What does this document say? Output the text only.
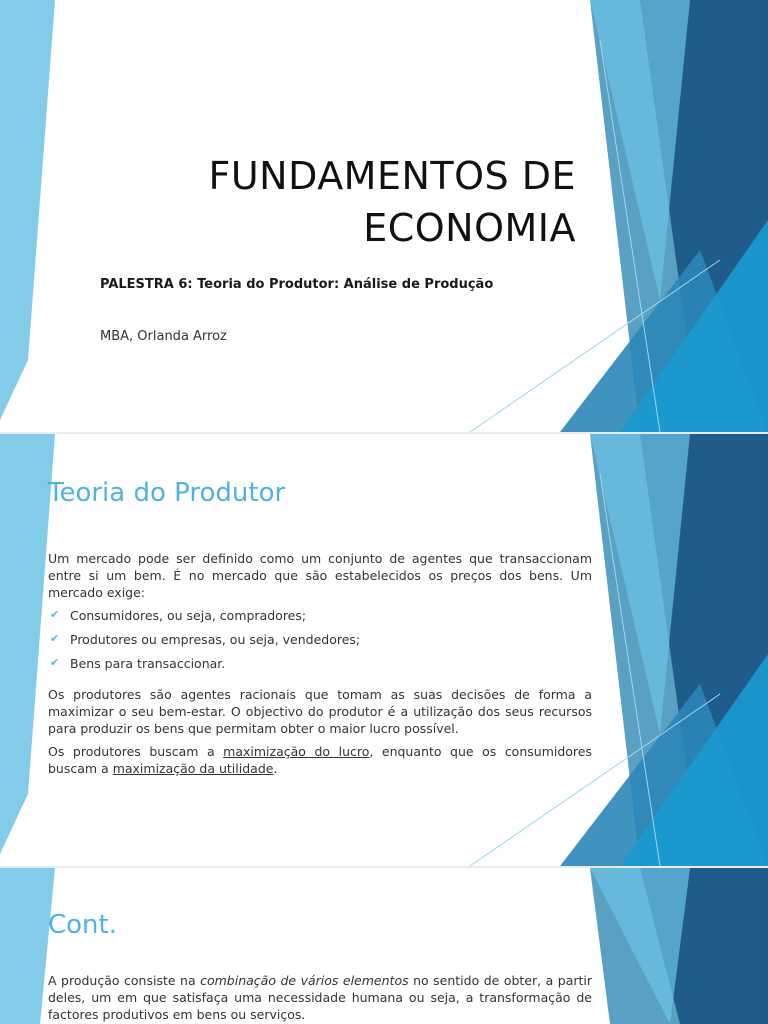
FUNDAMENTOS DE
ECONOMIA
PALESTRA 6: Teoria do Produtor: Análise de Produção
MBA, Orlanda Arroz
Teoria do Produtor

Um mercado pode ser definido como um conjunto de agentes que transaccionam entre si um bem. É no mercado que são estabelecidos os preços dos bens. Um mercado exige:

✔ Consumidores, ou seja, compradores;
✔ Produtores ou empresas, ou seja, vendedores;
✔ Bens para transaccionar.

Os produtores são agentes racionais que tomam as suas decisões de forma a maximizar o seu bem-estar. O objectivo do produtor é a utilização dos seus recursos para produzir os bens que permitam obter o maior lucro possível.

Os produtores buscam a maximização do lucro, enquanto que os consumidores buscam a maximização da utilidade.

Cont.

A produção consiste na combinação de vários elementos no sentido de obter, a partir deles, um em que satisfaça uma necessidade humana ou seja, a transformação de factores produtivos em bens ou serviços.
